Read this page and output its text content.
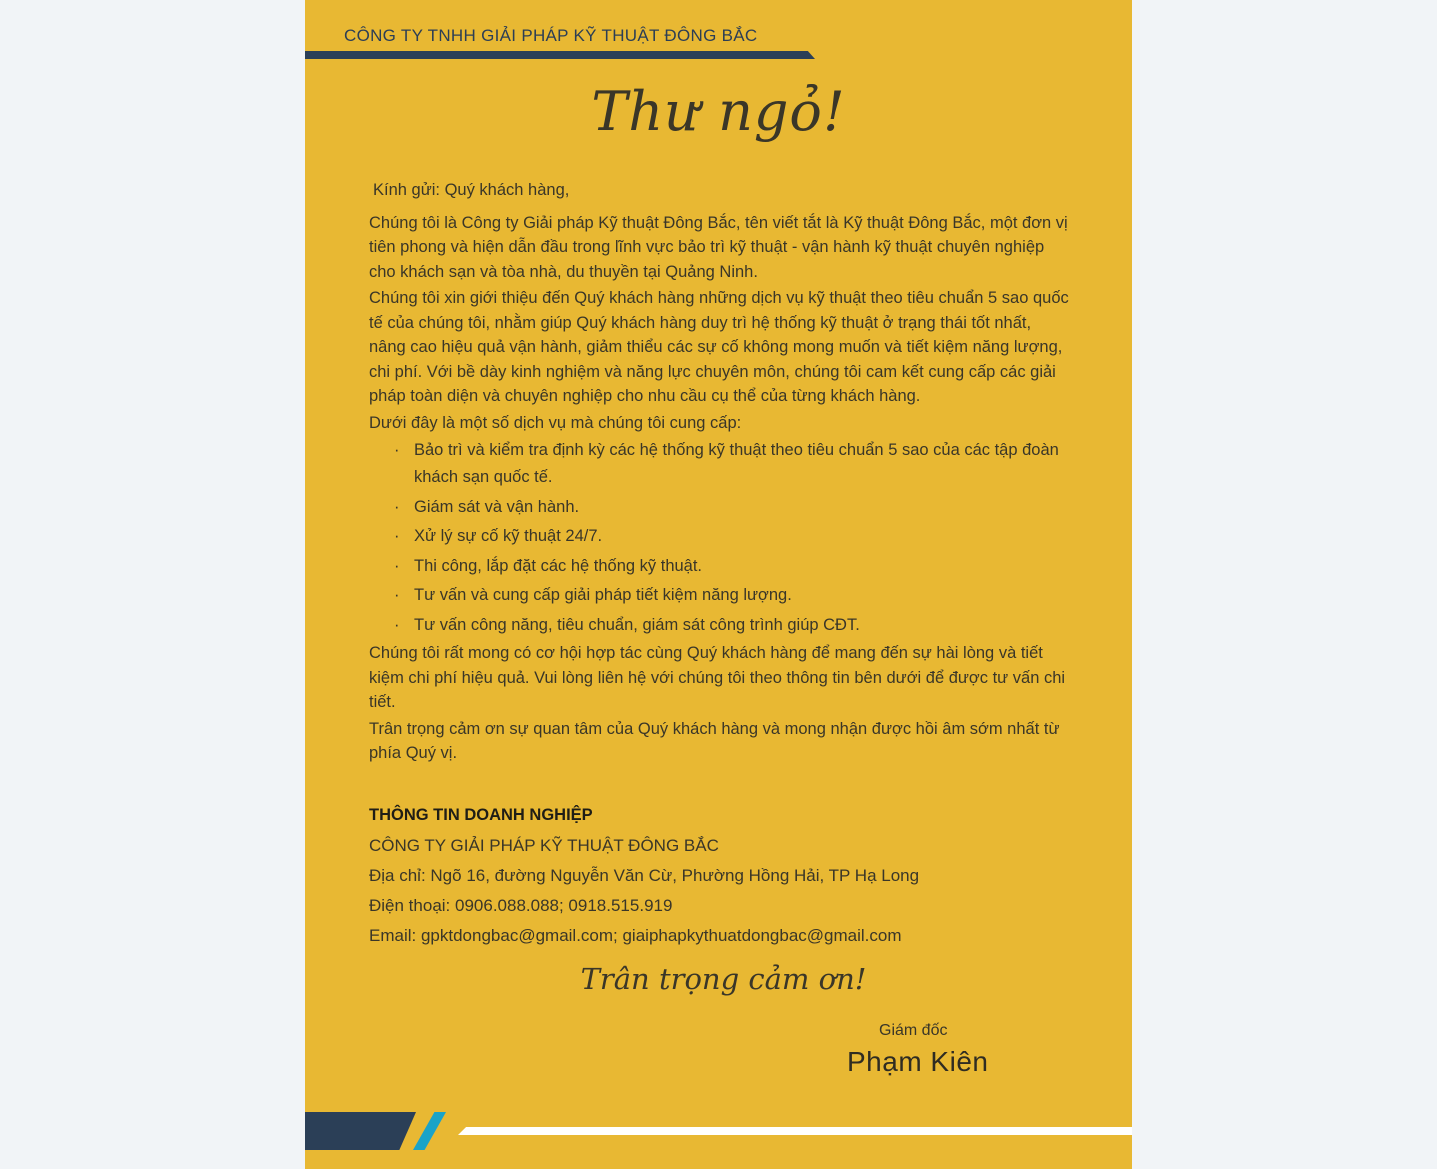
CÔNG TY TNHH GIẢI PHÁP KỸ THUẬT ĐÔNG BẮC
Thư ngỏ!

Kính gửi: Quý khách hàng,

Chúng tôi là Công ty Giải pháp Kỹ thuật Đông Bắc, tên viết tắt là Kỹ thuật Đông Bắc, một đơn vị tiên phong và hiện dẫn đầu trong lĩnh vực bảo trì kỹ thuật - vận hành kỹ thuật chuyên nghiệp cho khách sạn và tòa nhà, du thuyền tại Quảng Ninh.

Chúng tôi xin giới thiệu đến Quý khách hàng những dịch vụ kỹ thuật theo tiêu chuẩn 5 sao quốc tế của chúng tôi, nhằm giúp Quý khách hàng duy trì hệ thống kỹ thuật ở trạng thái tốt nhất, nâng cao hiệu quả vận hành, giảm thiểu các sự cố không mong muốn và tiết kiệm năng lượng, chi phí. Với bề dày kinh nghiệm và năng lực chuyên môn, chúng tôi cam kết cung cấp các giải pháp toàn diện và chuyên nghiệp cho nhu cầu cụ thể của từng khách hàng.

Dưới đây là một số dịch vụ mà chúng tôi cung cấp:

· Bảo trì và kiểm tra định kỳ các hệ thống kỹ thuật theo tiêu chuẩn 5 sao của các tập đoàn khách sạn quốc tế.
· Giám sát và vận hành.
· Xử lý sự cố kỹ thuật 24/7.
· Thi công, lắp đặt các hệ thống kỹ thuật.
· Tư vấn và cung cấp giải pháp tiết kiệm năng lượng.
· Tư vấn công năng, tiêu chuẩn, giám sát công trình giúp CĐT.

Chúng tôi rất mong có cơ hội hợp tác cùng Quý khách hàng để mang đến sự hài lòng và tiết kiệm chi phí hiệu quả. Vui lòng liên hệ với chúng tôi theo thông tin bên dưới để được tư vấn chi tiết.

Trân trọng cảm ơn sự quan tâm của Quý khách hàng và mong nhận được hồi âm sớm nhất từ phía Quý vị.

THÔNG TIN DOANH NGHIỆP
CÔNG TY GIẢI PHÁP KỸ THUẬT ĐÔNG BẮC
Địa chỉ: Ngõ 16, đường Nguyễn Văn Cừ, Phường Hồng Hải, TP Hạ Long
Điện thoại: 0906.088.088; 0918.515.919
Email: gpktdongbac@gmail.com; giaiphapkythuatdongbac@gmail.com
Trân trọng cảm ơn!
Giám đốc
Phạm Kiên
